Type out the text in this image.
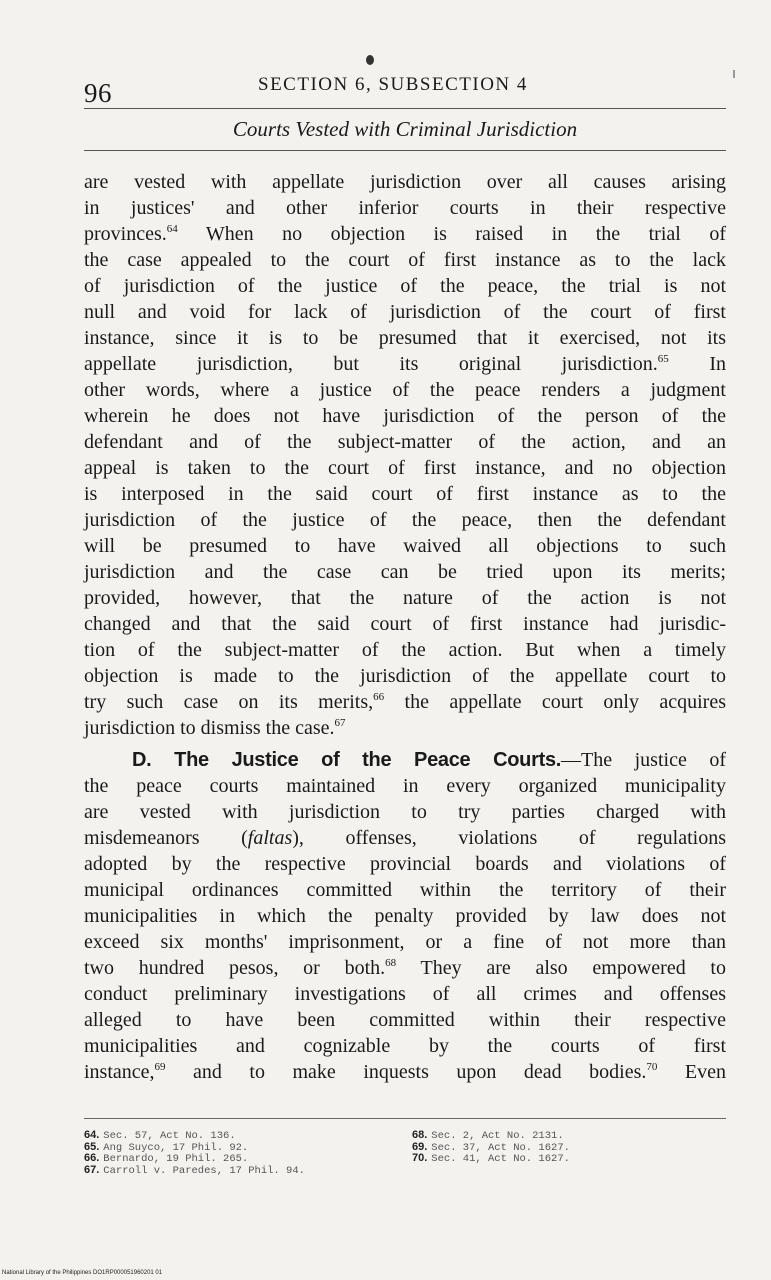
96	SECTION 6, SUBSECTION 4
Courts Vested with Criminal Jurisdiction
are vested with appellate jurisdiction over all causes arising
in justices' and other inferior courts in their respective
provinces.$^{64}$ When no objection is raised in the trial of
the case appealed to the court of first instance as to the lack
of jurisdiction of the justice of the peace, the trial is not
null and void for lack of jurisdiction of the court of first
instance, since it is to be presumed that it exercised, not its
appellate jurisdiction, but its original jurisdiction.$^{65}$ In
other words, where a justice of the peace renders a judgment
wherein he does not have jurisdiction of the person of the
defendant and of the subject-matter of the action, and an
appeal is taken to the court of first instance, and no objection
is interposed in the said court of first instance as to the
jurisdiction of the justice of the peace, then the defendant
will be presumed to have waived all objections to such
jurisdiction and the case can be tried upon its merits;
provided, however, that the nature of the action is not
changed and that the said court of first instance had jurisdic-
tion of the subject-matter of the action. But when a timely
objection is made to the jurisdiction of the appellate court to
try such case on its merits,$^{66}$ the appellate court only acquires
jurisdiction to dismiss the case.$^{67}$
D. The Justice of the Peace Courts.—The justice of
the peace courts maintained in every organized municipality
are vested with jurisdiction to try parties charged with
misdemeanors (faltas), offenses, violations of regulations
adopted by the respective provincial boards and violations of
municipal ordinances committed within the territory of their
municipalities in which the penalty provided by law does not
exceed six months' imprisonment, or a fine of not more than
two hundred pesos, or both.$^{68}$ They are also empowered to
conduct preliminary investigations of all crimes and offenses
alleged to have been committed within their respective
municipalities and cognizable by the courts of first
instance,$^{69}$ and to make inquests upon dead bodies.$^{70}$ Even
64. Sec. 57, Act No. 136.
65. Ang Suyco, 17 Phil. 92.
66. Bernardo, 19 Phil. 265.
67. Carroll v. Paredes, 17 Phil. 94.
68. Sec. 2, Act No. 2131.
69. Sec. 37, Act No. 1627.
70. Sec. 41, Act No. 1627.
National Library of the Philippines DO1RP000051960201 01
